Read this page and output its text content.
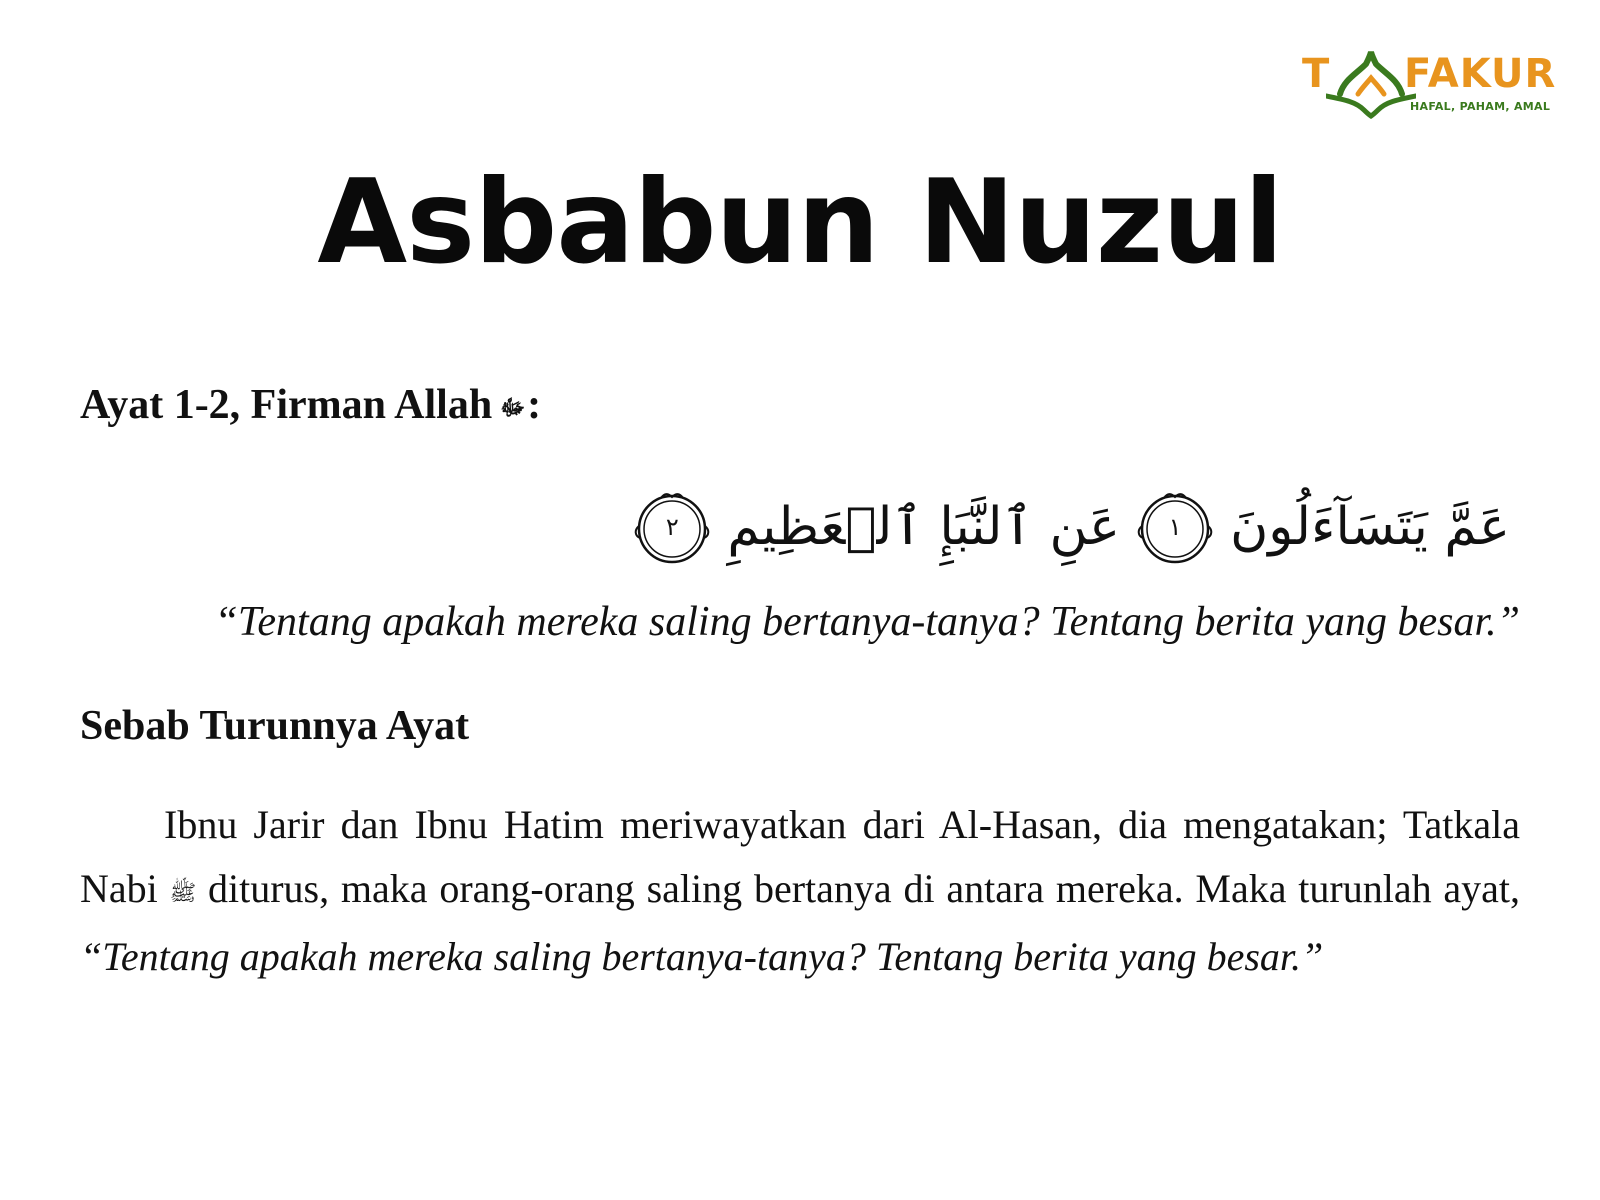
T FAKUR
HAFAL, PAHAM, AMAL
Asbabun Nuzul

Ayat 1-2, Firman Allah ﷻ:

عَمَّ يَتَسَآءَلُونَ
١
عَنِ ٱلنَّبَإِ ٱلۡعَظِيمِ
٢

“Tentang apakah mereka saling bertanya-tanya? Tentang berita yang besar.”

Sebab Turunnya Ayat

Ibnu Jarir dan Ibnu Hatim meriwayatkan dari Al-Hasan, dia mengatakan; Tatkala Nabi ﷺ diturus, maka orang-orang saling bertanya di antara mereka. Maka turunlah ayat, “Tentang apakah mereka saling bertanya-tanya? Tentang berita yang besar.”
